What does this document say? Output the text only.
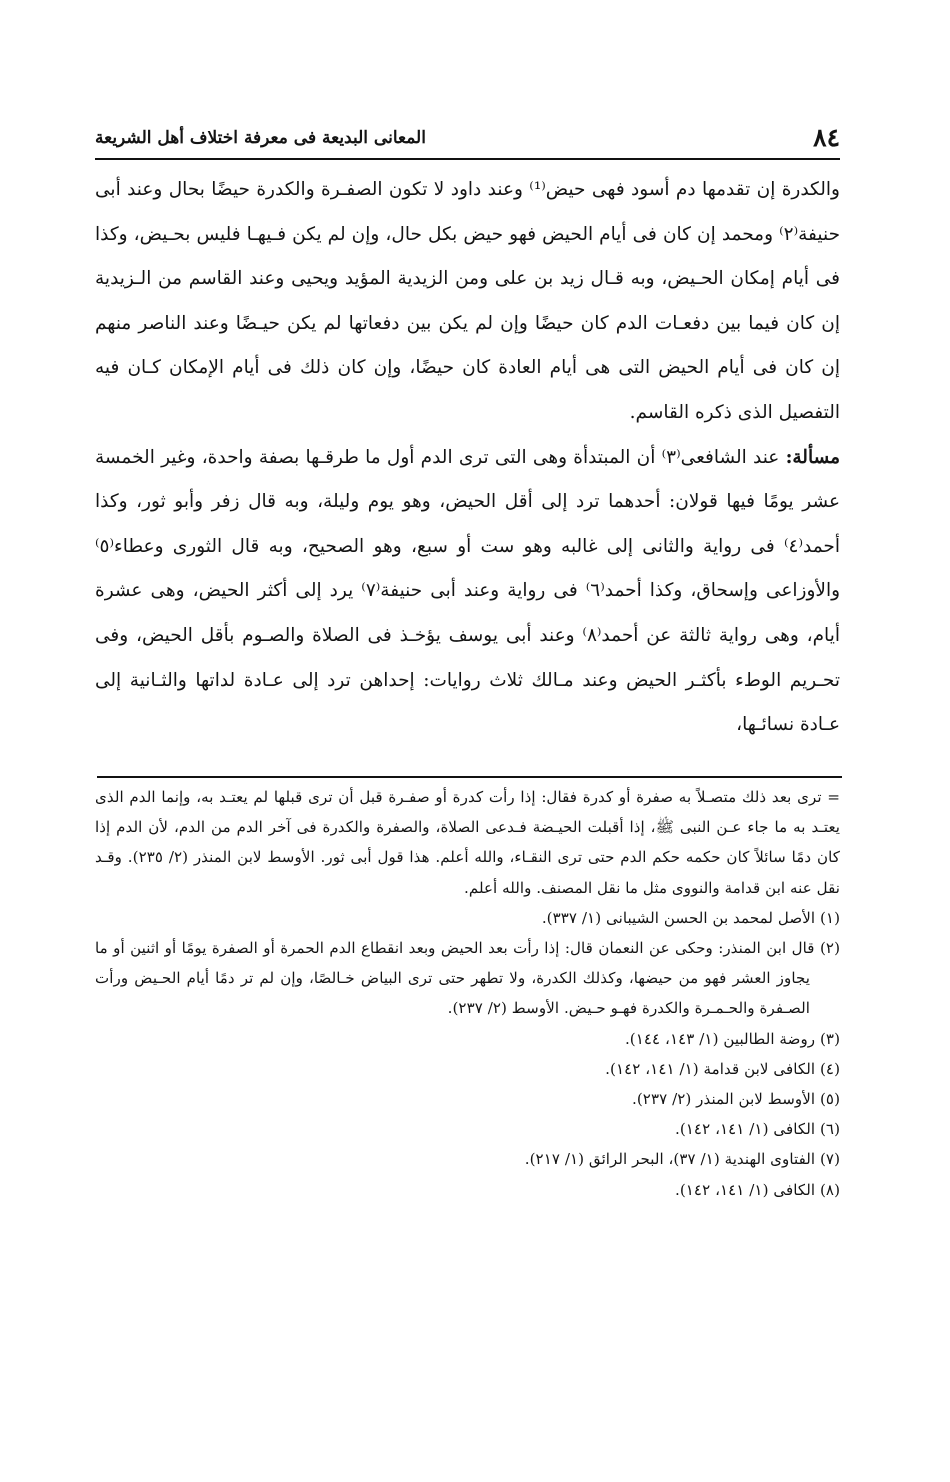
٨٤
المعانى البديعة فى معرفة اختلاف أهل الشريعة

والكدرة إن تقدمها دم أسود فهى حيض⁽¹⁾ وعند داود لا تكون الصفـرة والكدرة حيضًا بحال وعند أبى حنيفة⁽٢⁾ ومحمد إن كان فى أيام الحيض فهو حيض بكل حال، وإن لم يكن فـيهـا فليس بحـيض، وكذا فى أيام إمكان الحـيض، وبه قـال زيد بن على ومن الزيدية المؤيد ويحيى وعند القاسم من الـزيدية إن كان فيما بين دفعـات الدم كان حيضًا وإن لم يكن بين دفعاتها لم يكن حيـضًا وعند الناصر منهم إن كان فى أيام الحيض التى هى أيام العادة كان حيضًا، وإن كان ذلك فى أيام الإمكان كـان فيه التفصيل الذى ذكره القاسم.

مسألة: عند الشافعى⁽٣⁾ أن المبتدأة وهى التى ترى الدم أول ما طرقـها بصفة واحدة، وغير الخمسة عشر يومًا فيها قولان: أحدهما ترد إلى أقل الحيض، وهو يوم وليلة، وبه قال زفر وأبو ثور، وكذا أحمد⁽٤⁾ فى رواية والثانى إلى غالبه وهو ست أو سبع، وهو الصحيح، وبه قال الثورى وعطاء⁽٥⁾ والأوزاعى وإسحاق، وكذا أحمد⁽٦⁾ فى رواية وعند أبى حنيفة⁽٧⁾ يرد إلى أكثر الحيض، وهى عشرة أيام، وهى رواية ثالثة عن أحمد⁽٨⁾ وعند أبى يوسف يؤخـذ فى الصلاة والصـوم بأقل الحيض، وفى تحـريم الوطء بأكثـر الحيض وعند مـالك ثلاث روايات: إحداهن ترد إلى عـادة لداتها والثـانية إلى عـادة نسائـها،

= ترى بعد ذلك متصـلاً به صفرة أو كدرة فقال: إذا رأت كدرة أو صفـرة قبل أن ترى قبلها لم يعتـد به، وإنما الدم الذى يعتـد به ما جاء عـن النبى ﷺ، إذا أقبلت الحيـضة فـدعى الصلاة، والصفرة والكدرة فى آخر الدم من الدم، لأن الدم إذا كان دمًا سائلاً كان حكمه حكم الدم حتى ترى النقـاء، والله أعلم. هذا قول أبى ثور. الأوسط لابن المنذر (٢/ ٢٣٥). وقـد نقل عنه ابن قدامة والنووى مثل ما نقل المصنف. والله أعلم.

(١) الأصل لمحمد بن الحسن الشيبانى (١/ ٣٣٧).

(٢) قال ابن المنذر: وحكى عن النعمان قال: إذا رأت بعد الحيض وبعد انقطاع الدم الحمرة أو الصفرة يومًا أو اثنين أو ما يجاوز العشر فهو من حيضها، وكذلك الكدرة، ولا تطهر حتى ترى البياض خـالصًا، وإن لم تر دمًا أيام الحـيض ورأت الصـفرة والحـمـرة والكدرة فهـو حـيض. الأوسط (٢/ ٢٣٧).

(٣) روضة الطالبين (١/ ١٤٣، ١٤٤).

(٤) الكافى لابن قدامة (١/ ١٤١، ١٤٢).

(٥) الأوسط لابن المنذر (٢/ ٢٣٧).

(٦) الكافى (١/ ١٤١، ١٤٢).

(٧) الفتاوى الهندية (١/ ٣٧)، البحر الرائق (١/ ٢١٧).

(٨) الكافى (١/ ١٤١، ١٤٢).
